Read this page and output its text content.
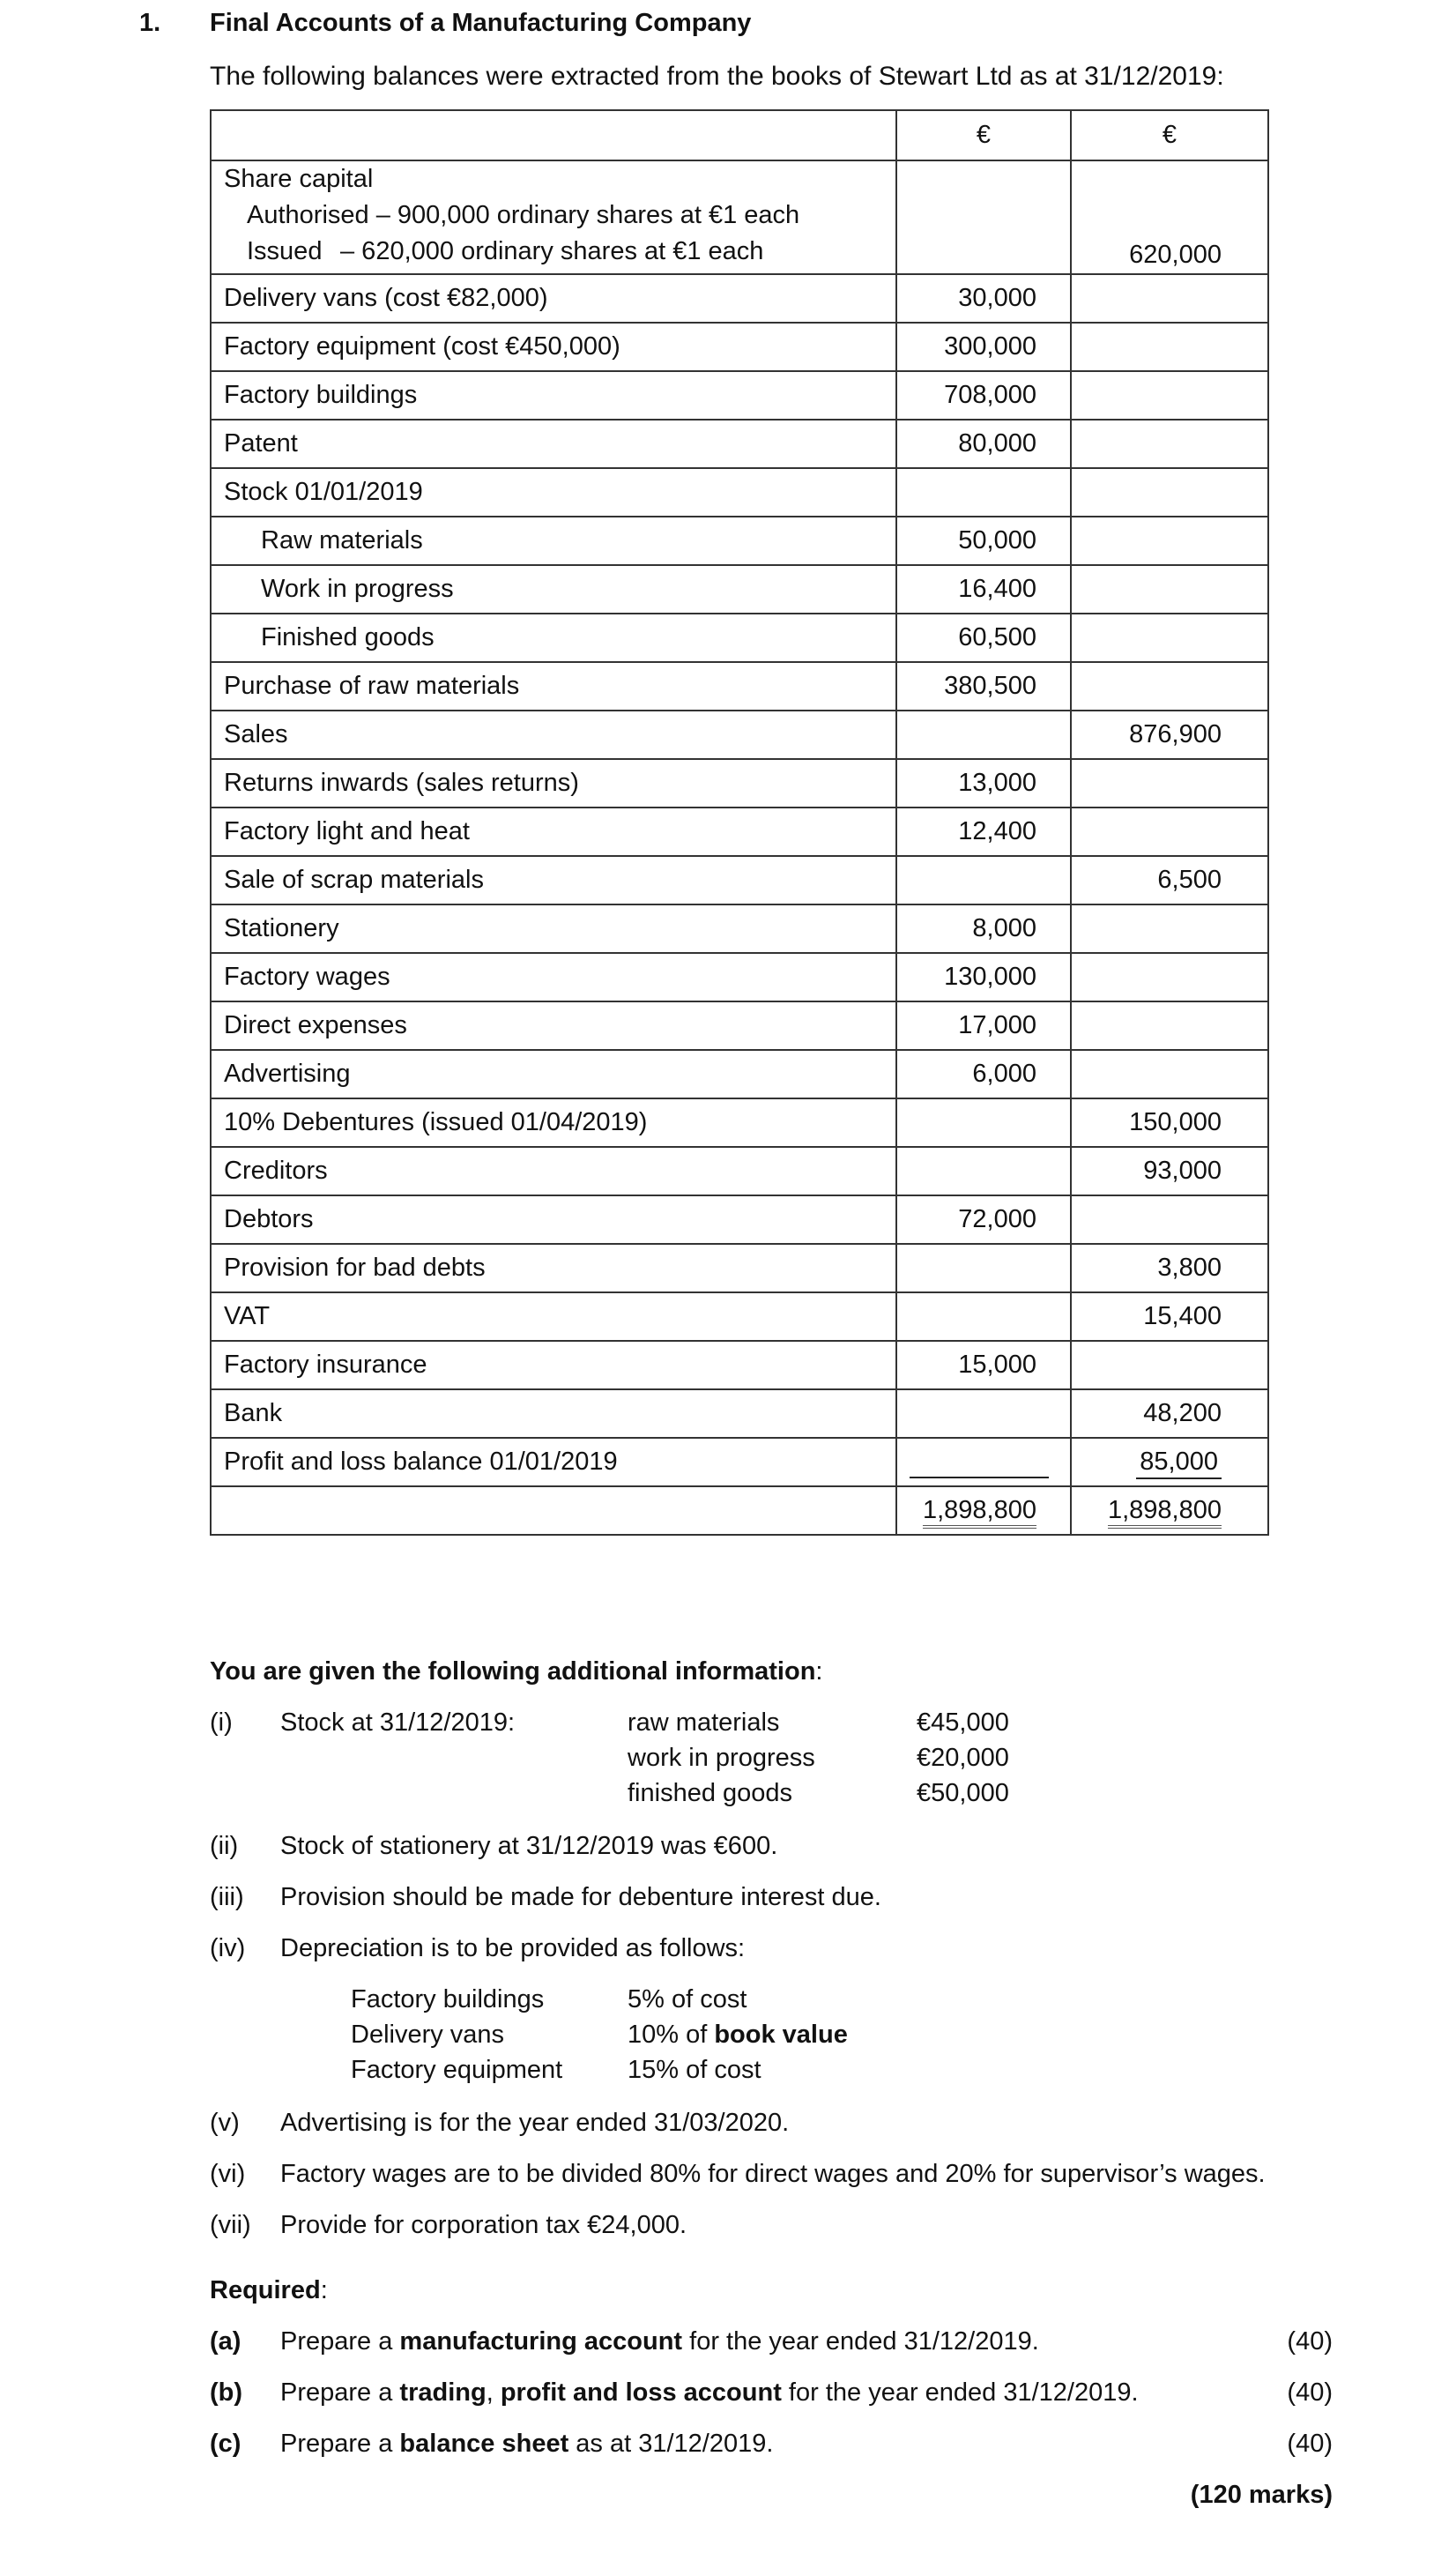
1. Final Accounts of a Manufacturing Company
The following balances were extracted from the books of Stewart Ltd as at 31/12/2019:
	€	€

Share capital
Authorised – 900,000 ordinary shares at €1 each
Issued – 620,000 ordinary shares at €1 each		620,000
Delivery vans (cost €82,000)	30,000	
Factory equipment (cost €450,000)	300,000	
Factory buildings	708,000	
Patent	80,000	
Stock 01/01/2019		
Raw materials	50,000	
Work in progress	16,400	
Finished goods	60,500	
Purchase of raw materials	380,500	
Sales		876,900
Returns inwards (sales returns)	13,000	
Factory light and heat	12,400	
Sale of scrap materials		6,500
Stationery	8,000	
Factory wages	130,000	
Direct expenses	17,000	
Advertising	6,000	
10% Debentures (issued 01/04/2019)		150,000
Creditors		93,000
Debtors	72,000	
Provision for bad debts		3,800
VAT		15,400
Factory insurance	15,000	
Bank		48,200
Profit and loss balance 01/01/2019		85,000
	1,898,800	1,898,800
You are given the following additional information:
(i) Stock at 31/12/2019:	raw materials	€45,000
work in progress	€20,000
finished goods	€50,000
(ii) Stock of stationery at 31/12/2019 was €600.
(iii) Provision should be made for debenture interest due.
(iv) Depreciation is to be provided as follows:
Factory buildings	5% of cost
Delivery vans	10% of book value
Factory equipment	15% of cost
(v) Advertising is for the year ended 31/03/2020.
(vi) Factory wages are to be divided 80% for direct wages and 20% for supervisor’s wages.
(vii) Provide for corporation tax €24,000.
Required:
(a) Prepare a manufacturing account for the year ended 31/12/2019.	(40)
(b) Prepare a trading, profit and loss account for the year ended 31/12/2019.	(40)
(c) Prepare a balance sheet as at 31/12/2019.	(40)
(120 marks)
